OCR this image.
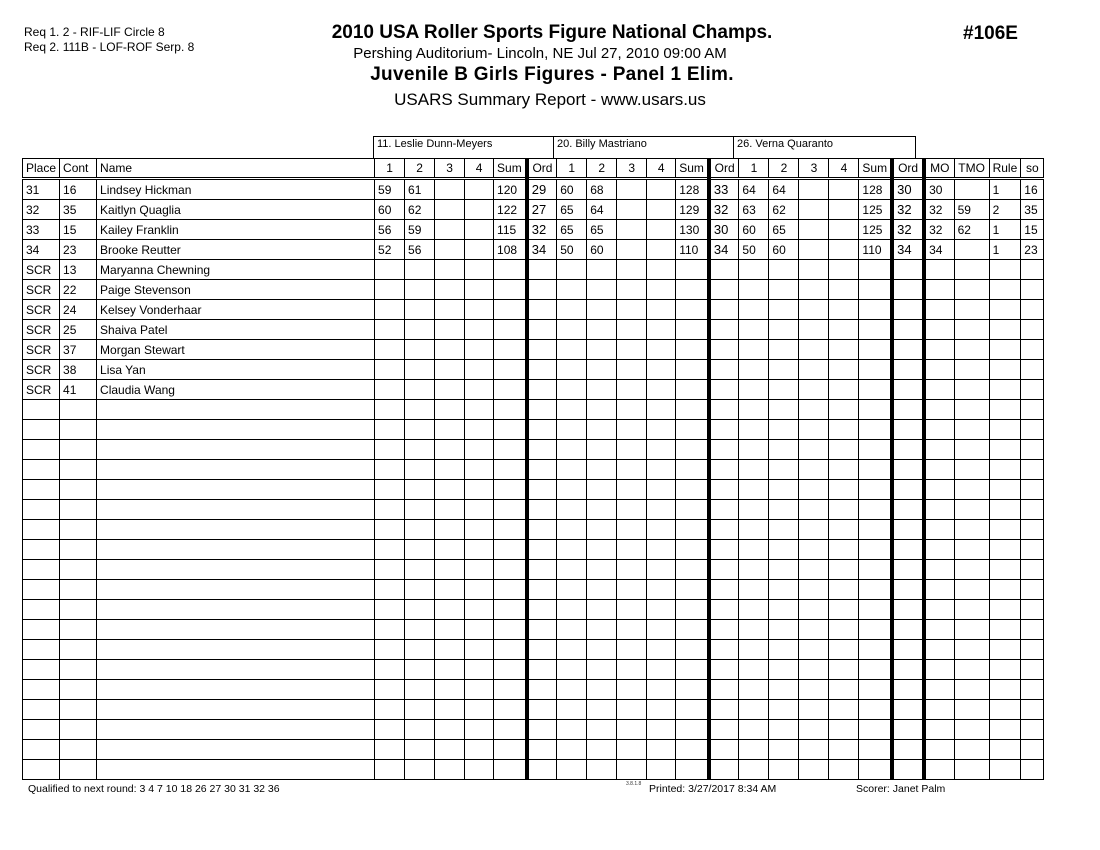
Req 1. 2 - RIF-LIF Circle 8
Req 2. 111B - LOF-ROF Serp. 8
2010 USA Roller Sports Figure National Champs.
Pershing Auditorium- Lincoln, NE Jul 27, 2010 09:00 AM
Juvenile B Girls Figures - Panel 1 Elim.
USARS Summary Report - www.usars.us
#106E
11. Leslie Dunn-Meyers	20. Billy Mastriano	26. Verna Quaranto
Place	Cont	Name	1	2	3	4	Sum	Ord	1	2	3	4	Sum	Ord	1	2	3	4	Sum	Ord	MO	TMO	Rule	so
31	16	Lindsey Hickman	59	61			120	29	60	68			128	33	64	64			128	30	30		1	16
32	35	Kaitlyn Quaglia	60	62			122	27	65	64			129	32	63	62			125	32	32	59	2	35
33	15	Kailey Franklin	56	59			115	32	65	65			130	30	60	65			125	32	32	62	1	15
34	23	Brooke Reutter	52	56			108	34	50	60			110	34	50	60			110	34	34		1	23
SCR	13	Maryanna Chewning																						
SCR	22	Paige Stevenson																						
SCR	24	Kelsey Vonderhaar																						
SCR	25	Shaiva Patel																						
SCR	37	Morgan Stewart																						
SCR	38	Lisa Yan																						
SCR	41	Claudia Wang																						

Qualified to next round: 3 4 7 10 18 26 27 30 31 32 36	3.8.1.8 Printed: 3/27/2017 8:34 AM	Scorer: Janet Palm
